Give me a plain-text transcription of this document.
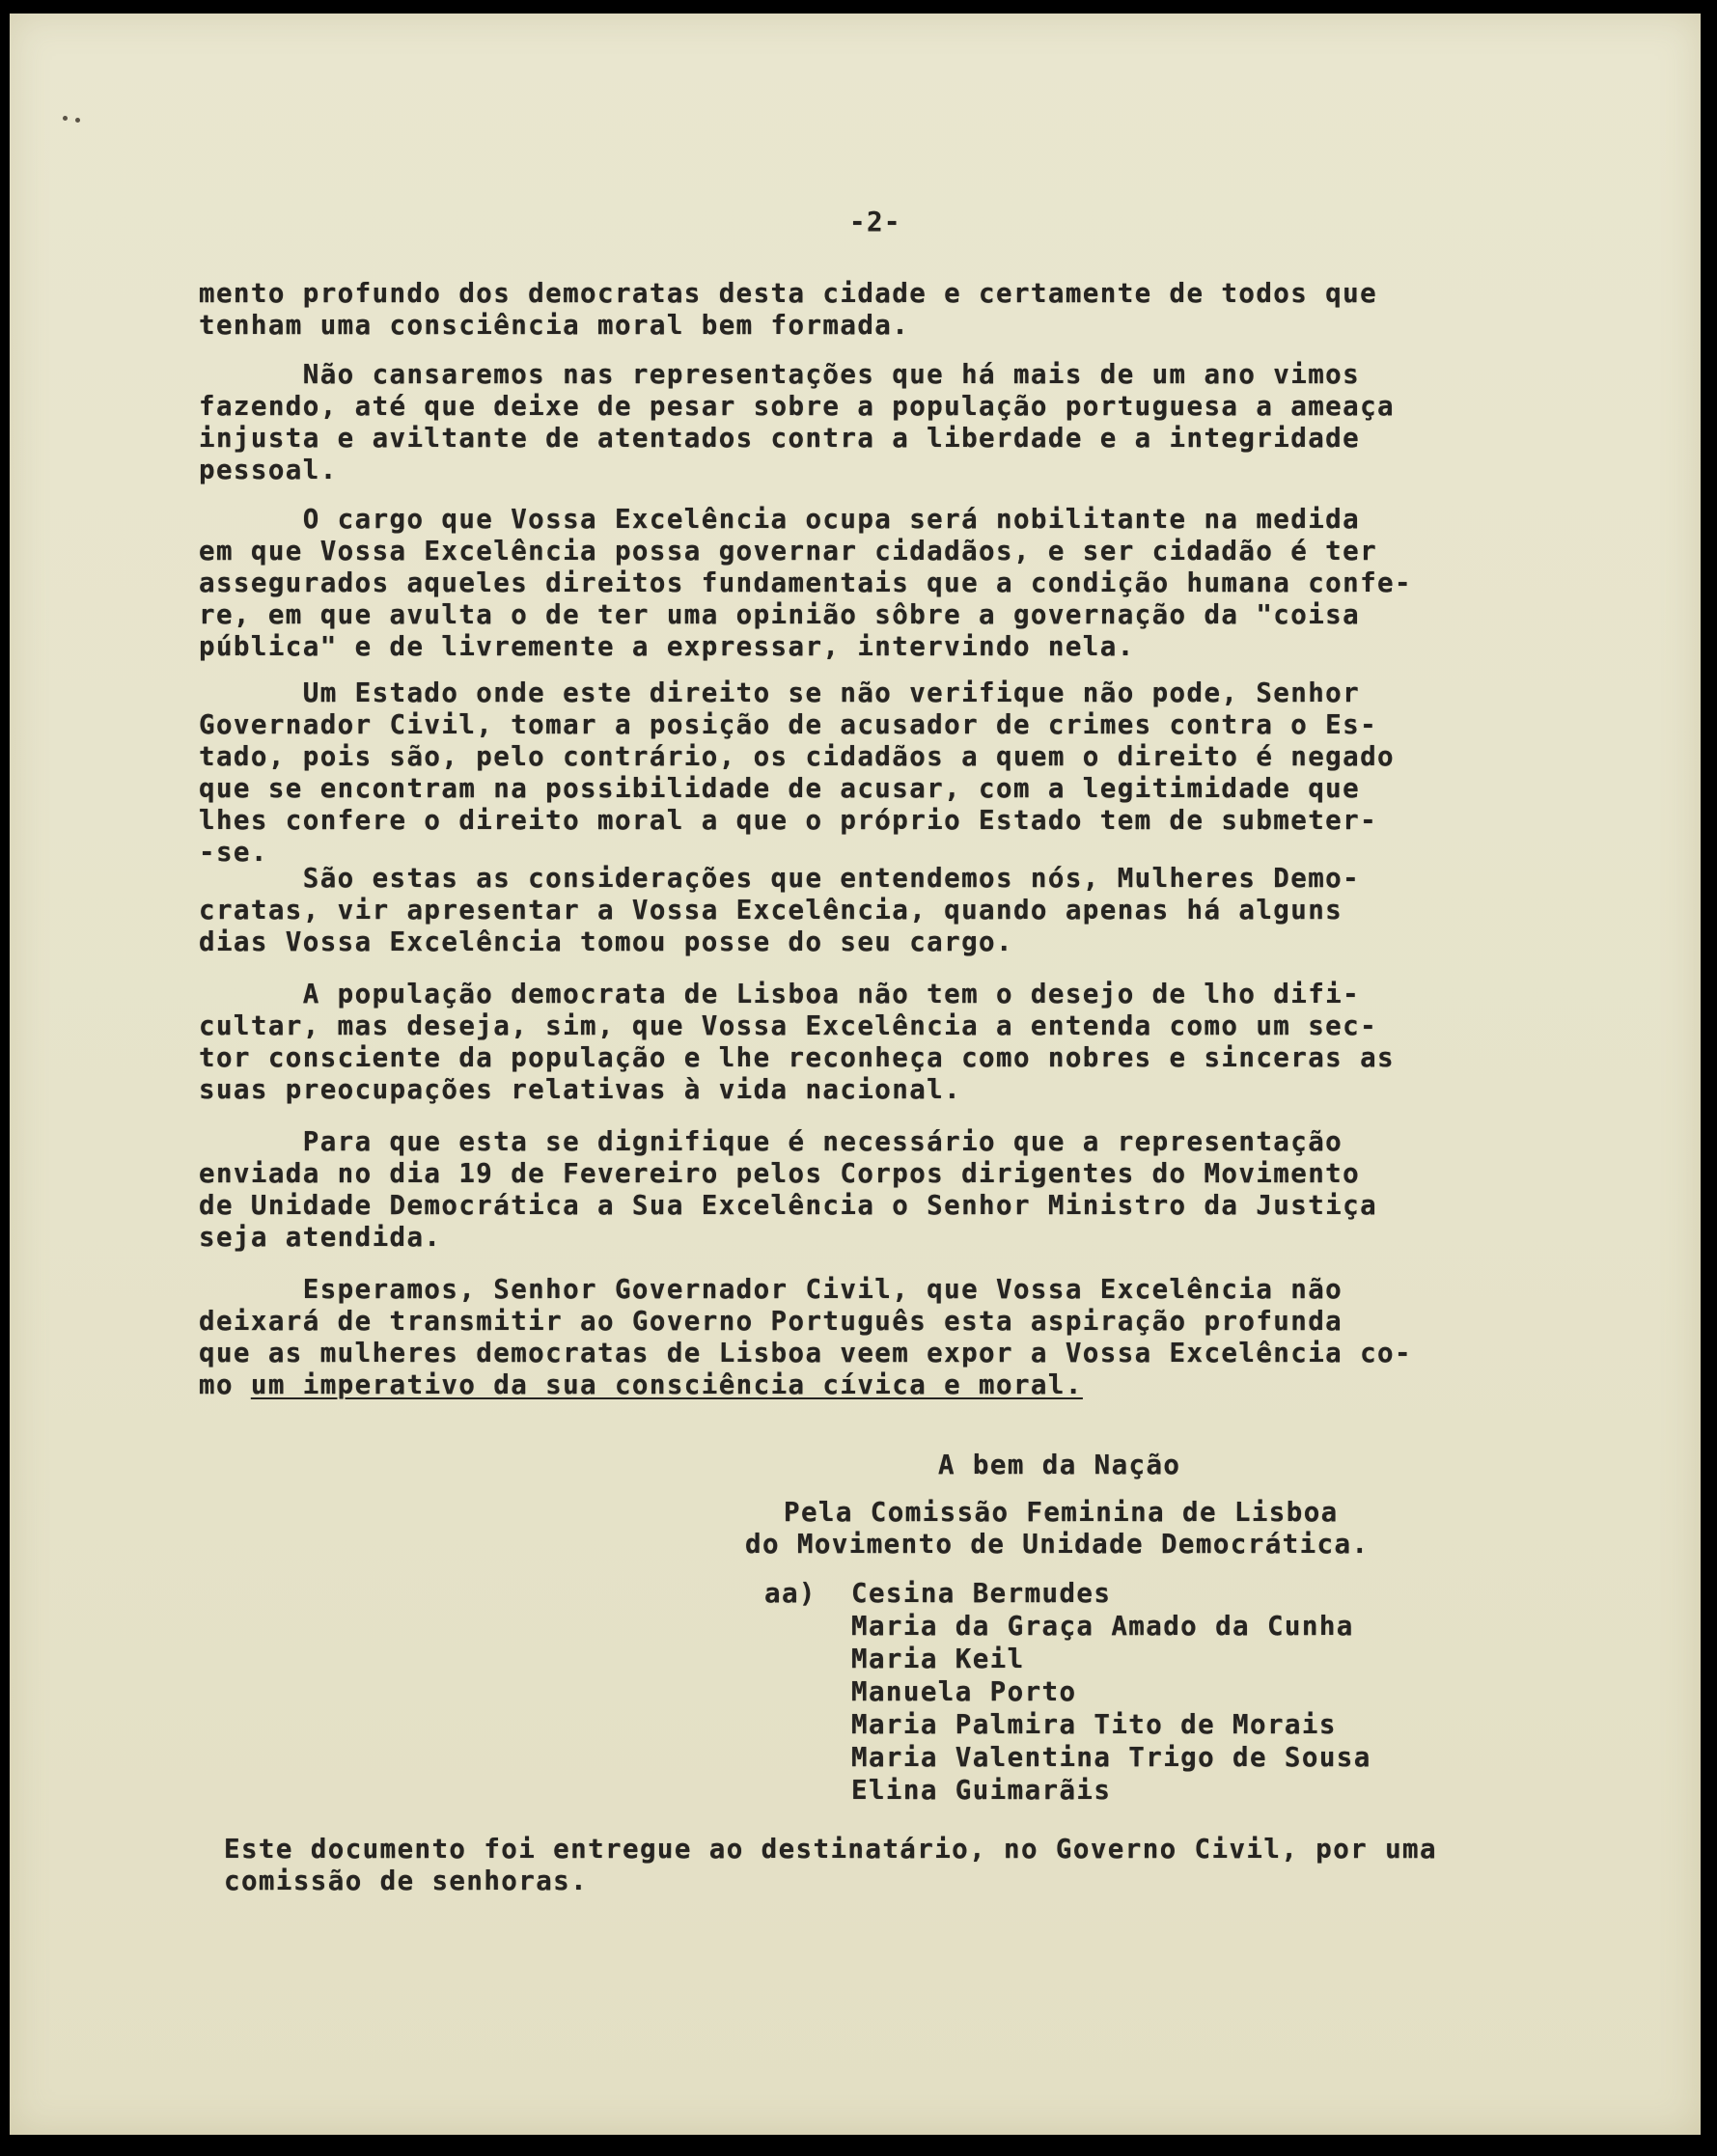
-2-
mento profundo dos democratas desta cidade e certamente de todos que
tenham uma consciência moral bem formada.
Não cansaremos nas representações que há mais de um ano vimos
fazendo, até que deixe de pesar sobre a população portuguesa a ameaça
injusta e aviltante de atentados contra a liberdade e a integridade
pessoal.
O cargo que Vossa Excelência ocupa será nobilitante na medida
em que Vossa Excelência possa governar cidadãos, e ser cidadão é ter
assegurados aqueles direitos fundamentais que a condição humana confe-
re, em que avulta o de ter uma opinião sôbre a governação da "coisa
pública" e de livremente a expressar, intervindo nela.
Um Estado onde este direito se não verifique não pode, Senhor
Governador Civil, tomar a posição de acusador de crimes contra o Es-
tado, pois são, pelo contrário, os cidadãos a quem o direito é negado
que se encontram na possibilidade de acusar, com a legitimidade que
lhes confere o direito moral a que o próprio Estado tem de submeter-
-se.
São estas as considerações que entendemos nós, Mulheres Demo-
cratas, vir apresentar a Vossa Excelência, quando apenas há alguns
dias Vossa Excelência tomou posse do seu cargo.
A população democrata de Lisboa não tem o desejo de lho difi-
cultar, mas deseja, sim, que Vossa Excelência a entenda como um sec-
tor consciente da população e lhe reconheça como nobres e sinceras as
suas preocupações relativas à vida nacional.
Para que esta se dignifique é necessário que a representação
enviada no dia 19 de Fevereiro pelos Corpos dirigentes do Movimento
de Unidade Democrática a Sua Excelência o Senhor Ministro da Justiça
seja atendida.
Esperamos, Senhor Governador Civil, que Vossa Excelência não
deixará de transmitir ao Governo Português esta aspiração profunda
que as mulheres democratas de Lisboa veem expor a Vossa Excelência co-
mo um imperativo da sua consciência cívica e moral.
A bem da Nação
Pela Comissão Feminina de Lisboa
do Movimento de Unidade Democrática.
aa) Cesina Bermudes
Maria da Graça Amado da Cunha
Maria Keil
Manuela Porto
Maria Palmira Tito de Morais
Maria Valentina Trigo de Sousa
Elina Guimarãis
Este documento foi entregue ao destinatário, no Governo Civil, por uma
comissão de senhoras.
